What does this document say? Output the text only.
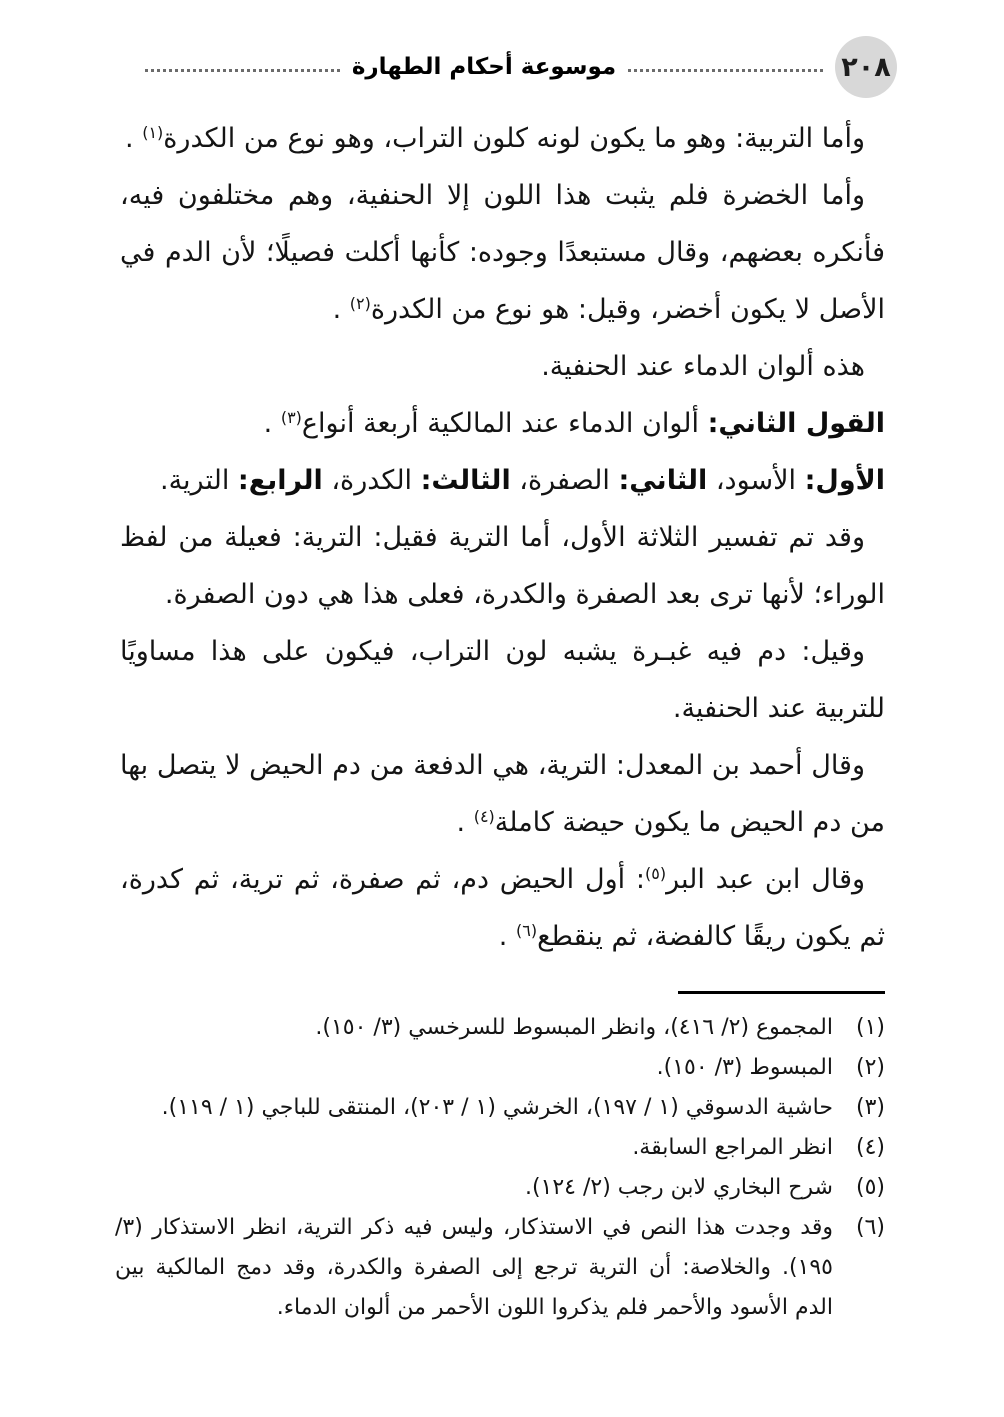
٢٠٨
موسوعة أحكام الطهارة

وأما التربية: وهو ما يكون لونه كلون التراب، وهو نوع من الكدرة$^{(١)}$ .

وأما الخضرة فلم يثبت هذا اللون إلا الحنفية، وهم مختلفون فيه، فأنكره بعضهم، وقال مستبعدًا وجوده: كأنها أكلت فصيلًا؛ لأن الدم في الأصل لا يكون أخضر، وقيل: هو نوع من الكدرة$^{(٢)}$ .

هذه ألوان الدماء عند الحنفية.

القول الثاني: ألوان الدماء عند المالكية أربعة أنواع$^{(٣)}$ .

الأول: الأسود، الثاني: الصفرة، الثالث: الكدرة، الرابع: الترية.

وقد تم تفسير الثلاثة الأول، أما الترية فقيل: الترية: فعيلة من لفظ الوراء؛ لأنها ترى بعد الصفرة والكدرة، فعلى هذا هي دون الصفرة.

وقيل: دم فيه غبـرة يشبه لون التراب، فيكون على هذا مساويًا للتربية عند الحنفية.

وقال أحمد بن المعدل: الترية، هي الدفعة من دم الحيض لا يتصل بها من دم الحيض ما يكون حيضة كاملة$^{(٤)}$ .

وقال ابن عبد البر$^{(٥)}$: أول الحيض دم، ثم صفرة، ثم ترية، ثم كدرة، ثم يكون ريقًا كالفضة، ثم ينقطع$^{(٦)}$ .

(١)
المجموع (٢/ ٤١٦)، وانظر المبسوط للسرخسي (٣/ ١٥٠).
(٢)
المبسوط (٣/ ١٥٠).
(٣)
حاشية الدسوقي (١ / ١٩٧)، الخرشي (١ / ٢٠٣)، المنتقى للباجي (١ / ١١٩).
(٤)
انظر المراجع السابقة.
(٥)
شرح البخاري لابن رجب (٢/ ١٢٤).
(٦)
وقد وجدت هذا النص في الاستذكار، وليس فيه ذكر الترية، انظر الاستذكار (٣/ ١٩٥). والخلاصة: أن الترية ترجع إلى الصفرة والكدرة، وقد دمج المالكية بين الدم الأسود والأحمر فلم يذكروا اللون الأحمر من ألوان الدماء.
